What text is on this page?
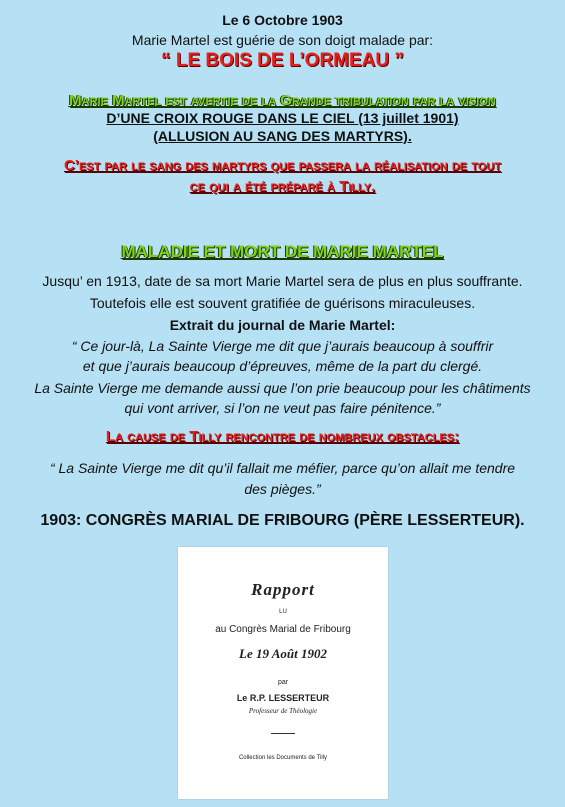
Le 6 Octobre 1903
Marie Martel est guérie de son doigt malade par:
“ LE BOIS DE L’ORMEAU ”
Marie Martel est avertie de la Grande tribulation par la vision
D’UNE CROIX ROUGE DANS LE CIEL (13 juillet 1901)
(ALLUSION AU SANG DES MARTYRS).
C’est par le sang des martyrs que passera la réalisation de tout
ce qui a été préparé à Tilly.
MALADIE ET MORT DE MARIE MARTEL
Jusqu’ en 1913, date de sa mort Marie Martel sera de plus en plus souffrante.
Toutefois elle est souvent gratifiée de guérisons miraculeuses.
Extrait du journal de Marie Martel:
“ Ce jour-là, La Sainte Vierge me dit que j’aurais beaucoup à souffrir
et que j’aurais beaucoup d’épreuves, même de la part du clergé.
La Sainte Vierge me demande aussi que l’on prie beaucoup pour les châtiments
qui vont arriver, si l’on ne veut pas faire pénitence.”
La cause de Tilly rencontre de nombreux obstacles:
“ La Sainte Vierge me dit qu’il fallait me méfier, parce qu’on allait me tendre
des pièges.”
1903: CONGRÈS MARIAL DE FRIBOURG (PÈRE LESSERTEUR).
Rapport
LU
au Congrès Marial de Fribourg
Le 19 Août 1902
par
Le R.P. LESSERTEUR
Professeur de Théologie
Collection les Documents de Tilly
